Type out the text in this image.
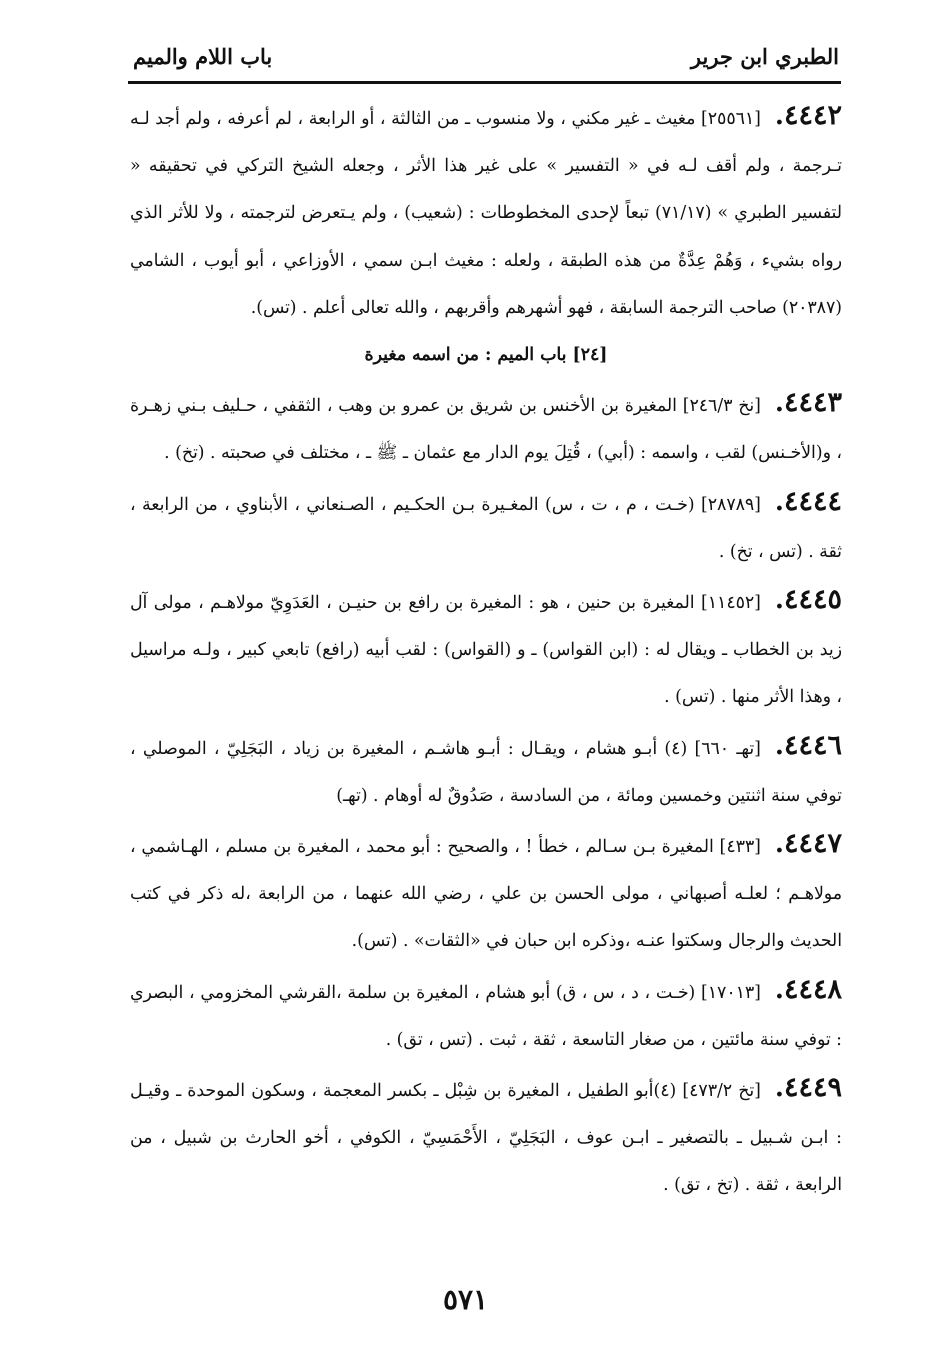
الطبري ابن جرير
باب اللام والميم

٤٤٤٢.[٢٥٥٦١] مغيث ـ غير مكني ، ولا منسوب ـ من الثالثة ، أو الرابعة ، لم أعرفه ، ولم أجد لـه تـرجمة ، ولم أقف لـه في « التفسير » على غير هذا الأثر ، وجعله الشيخ التركي في تحقيقه « لتفسير الطبري » (٧١/١٧) تبعاً لإحدى المخطوطات : (شعيب) ، ولم يـتعرض لترجمته ، ولا للأثر الذي رواه بشيء ، وَهُمْ عِدَّةٌ من هذه الطبقة ، ولعله : مغيث ابـن سمي ، الأوزاعي ، أبو أيوب ، الشامي (٢٠٣٨٧) صاحب الترجمة السابقة ، فهو أشهرهم وأقربهم ، والله تعالى أعلم . (تس).

[٢٤] باب الميم : من اسمه مغيرة

٤٤٤٣.[نخ ٢٤٦/٣] المغيرة بن الأخنس بن شريق بن عمرو بن وهب ، الثقفي ، حـليف بـني زهـرة ، و(الأخـنس) لقب ، واسمه : (أبي) ، قُتِلَ يوم الدار مع عثمان ـ ﷺ ـ ، مختلف في صحبته . (تخ) .

٤٤٤٤.[٢٨٧٨٩] (خـت ، م ، ت ، س) المغـيرة بـن الحكـيم ، الصـنعاني ، الأبناوي ، من الرابعة ، ثقة . (تس ، تخ) .

٤٤٤٥.[١١٤٥٢] المغيرة بن حنين ، هو : المغيرة بن رافع بن حنيـن ، العَدَوِيّ مولاهـم ، مولى آل زيد بن الخطاب ـ ويقال له : (ابن القواس) ـ و (القواس) : لقب أبيه (رافع) تابعي كبير ، ولـه مراسيل ، وهذا الأثر منها . (تس) .

٤٤٤٦.[تهـ ٦٦٠] (٤) أبـو هشام ، ويقـال : أبـو هاشـم ، المغيرة بن زياد ، البَجَلِيّ ، الموصلي ، توفي سنة اثنتين وخمسين ومائة ، من السادسة ، صَدُوقٌ له أوهام . (تهـ)

٤٤٤٧.[٤٣٣] المغيرة بـن سـالم ، خطأ ! ، والصحيح : أبو محمد ، المغيرة بن مسلم ، الهـاشمي ، مولاهـم ؛ لعلـه أصبهاني ، مولى الحسن بن علي ، رضي الله عنهما ، من الرابعة ،له ذكر في كتب الحديث والرجال وسكتوا عنـه ،وذكره ابن حبان في «الثقات» . (تس).

٤٤٤٨.[١٧٠١٣] (خـت ، د ، س ، ق) أبو هشام ، المغيرة بن سلمة ،القرشي المخزومي ، البصري : توفي سنة مائتين ، من صغار التاسعة ، ثقة ، ثبت . (تس ، تق) .

٤٤٤٩.[تخ ٤٧٣/٢] (٤)أبو الطفيل ، المغيرة بن شِبْل ـ بكسر المعجمة ، وسكون الموحدة ـ وقيـل : ابـن شـبيل ـ بالتصغير ـ ابـن عوف ، البَجَلِيّ ، الأَحْمَسِيّ ، الكوفي ، أخو الحارث بن شبيل ، من الرابعة ، ثقة . (تخ ، تق) .

٥٧١
